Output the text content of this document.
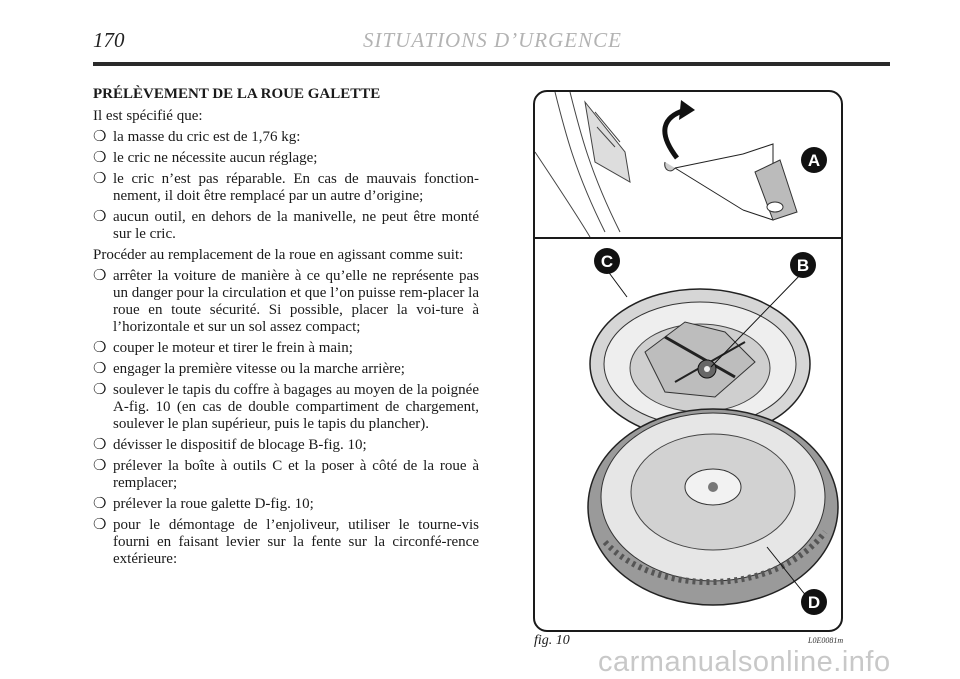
170	SITUATIONS D’URGENCE

PRÉLÈVEMENT DE LA ROUE GALETTE

Il est spécifié que:

❍ la masse du cric est de 1,76 kg:
❍ le cric ne nécessite aucun réglage;
❍ le cric n’est pas réparable. En cas de mauvais fonction-nement, il doit être remplacé par un autre d’origine;
❍ aucun outil, en dehors de la manivelle, ne peut être monté sur le cric.

Procéder au remplacement de la roue en agissant comme suit:

❍ arrêter la voiture de manière à ce qu’elle ne représente pas un danger pour la circulation et que l’on puisse rem-placer la roue en toute sécurité. Si possible, placer la voi-ture à l’horizontale et sur un sol assez compact;
❍ couper le moteur et tirer le frein à main;
❍ engager la première vitesse ou la marche arrière;
❍ soulever le tapis du coffre à bagages au moyen de la poignée A-fig. 10 (en cas de double compartiment de chargement, soulever le plan supérieur, puis le tapis du plancher).
❍ dévisser le dispositif de blocage B-fig. 10;
❍ prélever la boîte à outils C et la poser à côté de la roue à remplacer;
❍ prélever la roue galette D-fig. 10;
❍ pour le démontage de l’enjoliveur, utiliser le tourne-vis fourni en faisant levier sur la fente sur la circonfé-rence extérieure:
A
B
C
D
fig. 10	L0E0081m
carmanualsonline.info
